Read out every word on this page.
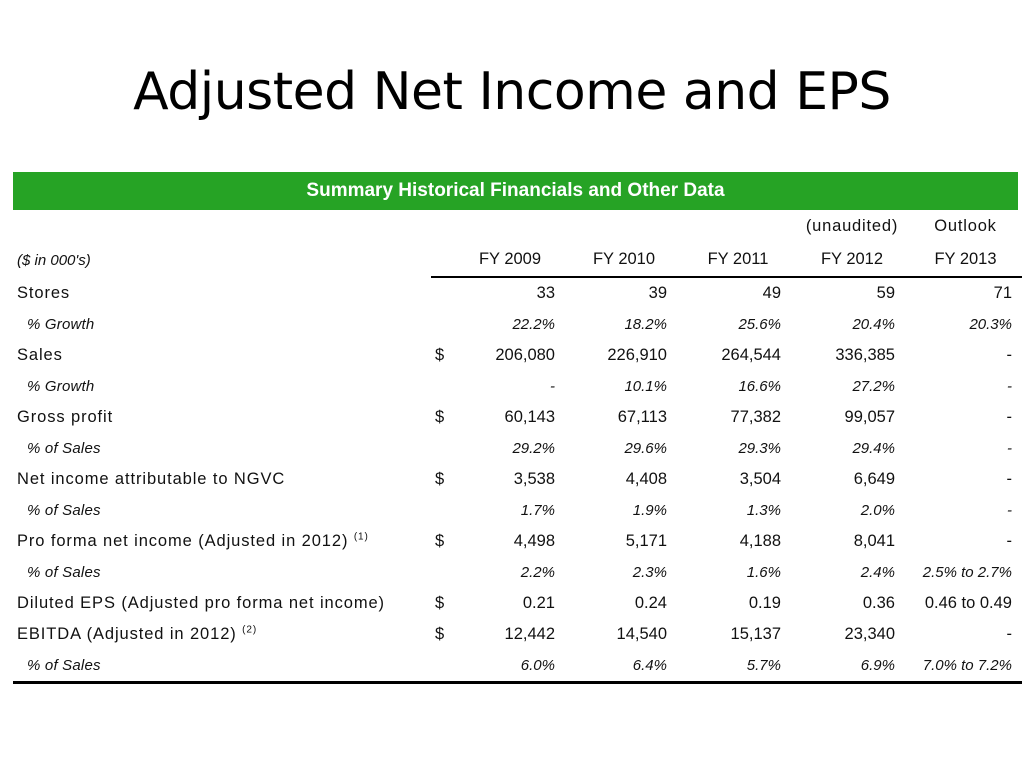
Adjusted Net Income and EPS
Summary Historical Financials and Other Data
					(unaudited)	Outlook
($ in 000's)		FY 2009	FY 2010	FY 2011	FY 2012	FY 2013
Stores		33	39	49	59	71
% Growth		22.2%	18.2%	25.6%	20.4%	20.3%
Sales	$	206,080	226,910	264,544	336,385	-
% Growth		-	10.1%	16.6%	27.2%	-
Gross profit	$	60,143	67,113	77,382	99,057	-
% of Sales		29.2%	29.6%	29.3%	29.4%	-
Net income attributable to NGVC	$	3,538	4,408	3,504	6,649	-
% of Sales		1.7%	1.9%	1.3%	2.0%	-
Pro forma net income (Adjusted in 2012) $^{(1)}$	$	4,498	5,171	4,188	8,041	-
% of Sales		2.2%	2.3%	1.6%	2.4%	2.5% to 2.7%
Diluted EPS (Adjusted pro forma net income)	$	0.21	0.24	0.19	0.36	0.46 to 0.49
EBITDA (Adjusted in 2012) $^{(2)}$	$	12,442	14,540	15,137	23,340	-
% of Sales		6.0%	6.4%	5.7%	6.9%	7.0% to 7.2%
